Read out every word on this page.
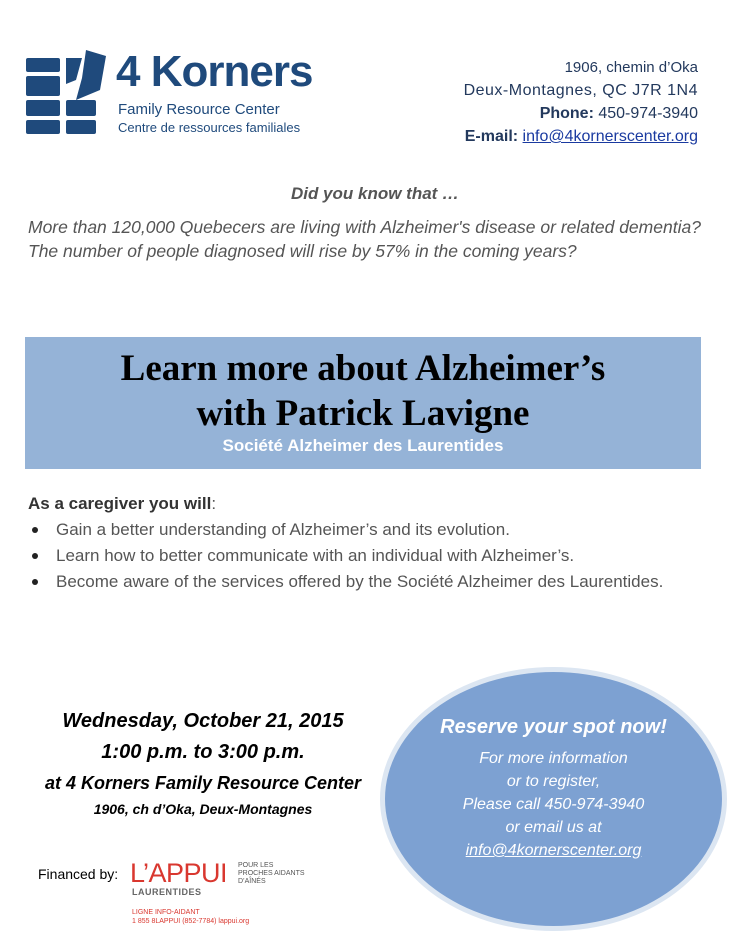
4 Korners
Family Resource Center
Centre de ressources familiales
1906, chemin d’Oka
Deux-Montagnes, QC J7R 1N4
Phone: 450-974-3940
E-mail: info@4kornerscenter.org
Did you know that …
More than 120,000 Quebecers are living with Alzheimer's disease or related dementia?
The number of people diagnosed will rise by 57% in the coming years?
Learn more about Alzheimer’s
with Patrick Lavigne
Société Alzheimer des Laurentides
As a caregiver you will:
Gain a better understanding of Alzheimer’s and its evolution.
Learn how to better communicate with an individual with Alzheimer’s.
Become aware of the services offered by the Société Alzheimer des Laurentides.
Wednesday, October 21, 2015
1:00 p.m. to 3:00 p.m.
at 4 Korners Family Resource Center
1906, ch d’Oka, Deux-Montagnes
Reserve your spot now!
For more information
or to register,
Please call 450-974-3940
or email us at
info@4kornerscenter.org
Financed by: L’APPUI POUR LES PROCHES AIDANTS D’AÎNÉS
LAURENTIDES
LIGNE INFO-AIDANT
1 855 8LAPPUI (852-7784) lappui.org
